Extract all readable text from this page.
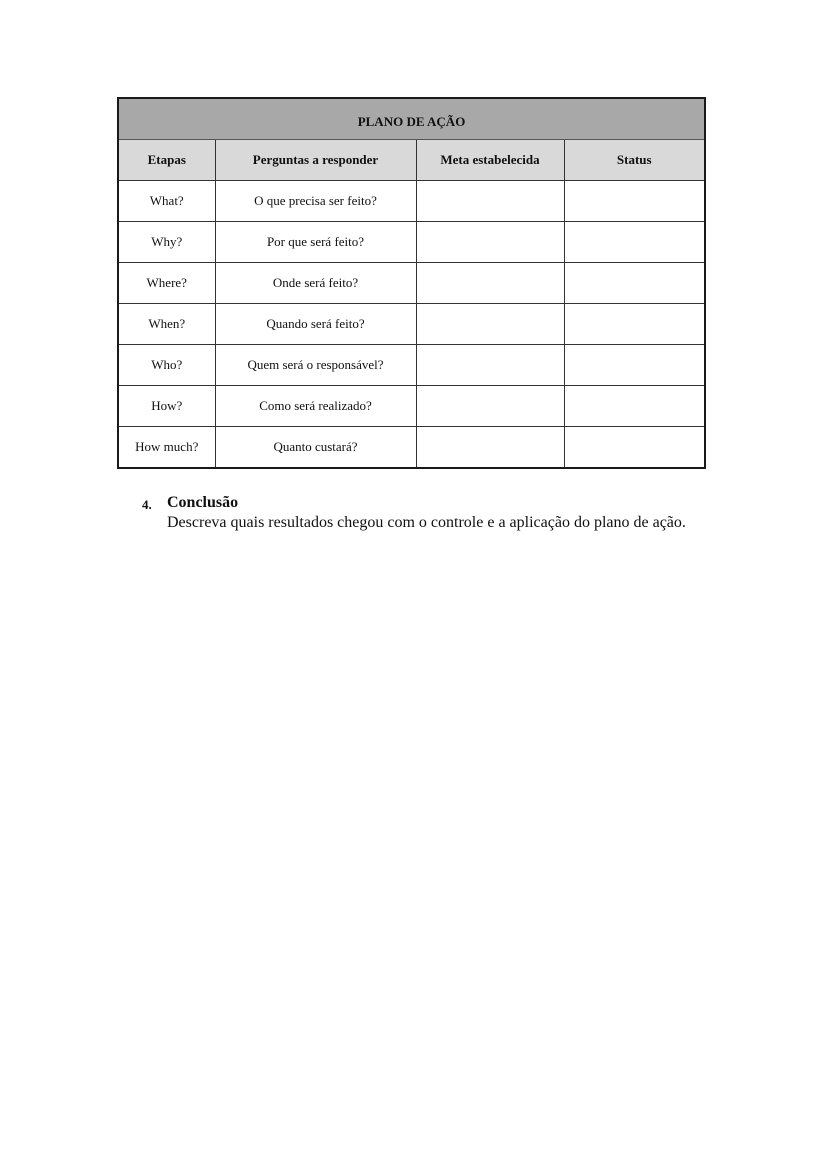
PLANO DE AÇÃO			
Etapas	Perguntas a responder	Meta estabelecida	Status
What?	O que precisa ser feito?		
Why?	Por que será feito?		
Where?	Onde será feito?		
When?	Quando será feito?		
Who?	Quem será o responsável?		
How?	Como será realizado?		
How much?	Quanto custará?		
4. Conclusão
Descreva quais resultados chegou com o controle e a aplicação do plano de ação.
